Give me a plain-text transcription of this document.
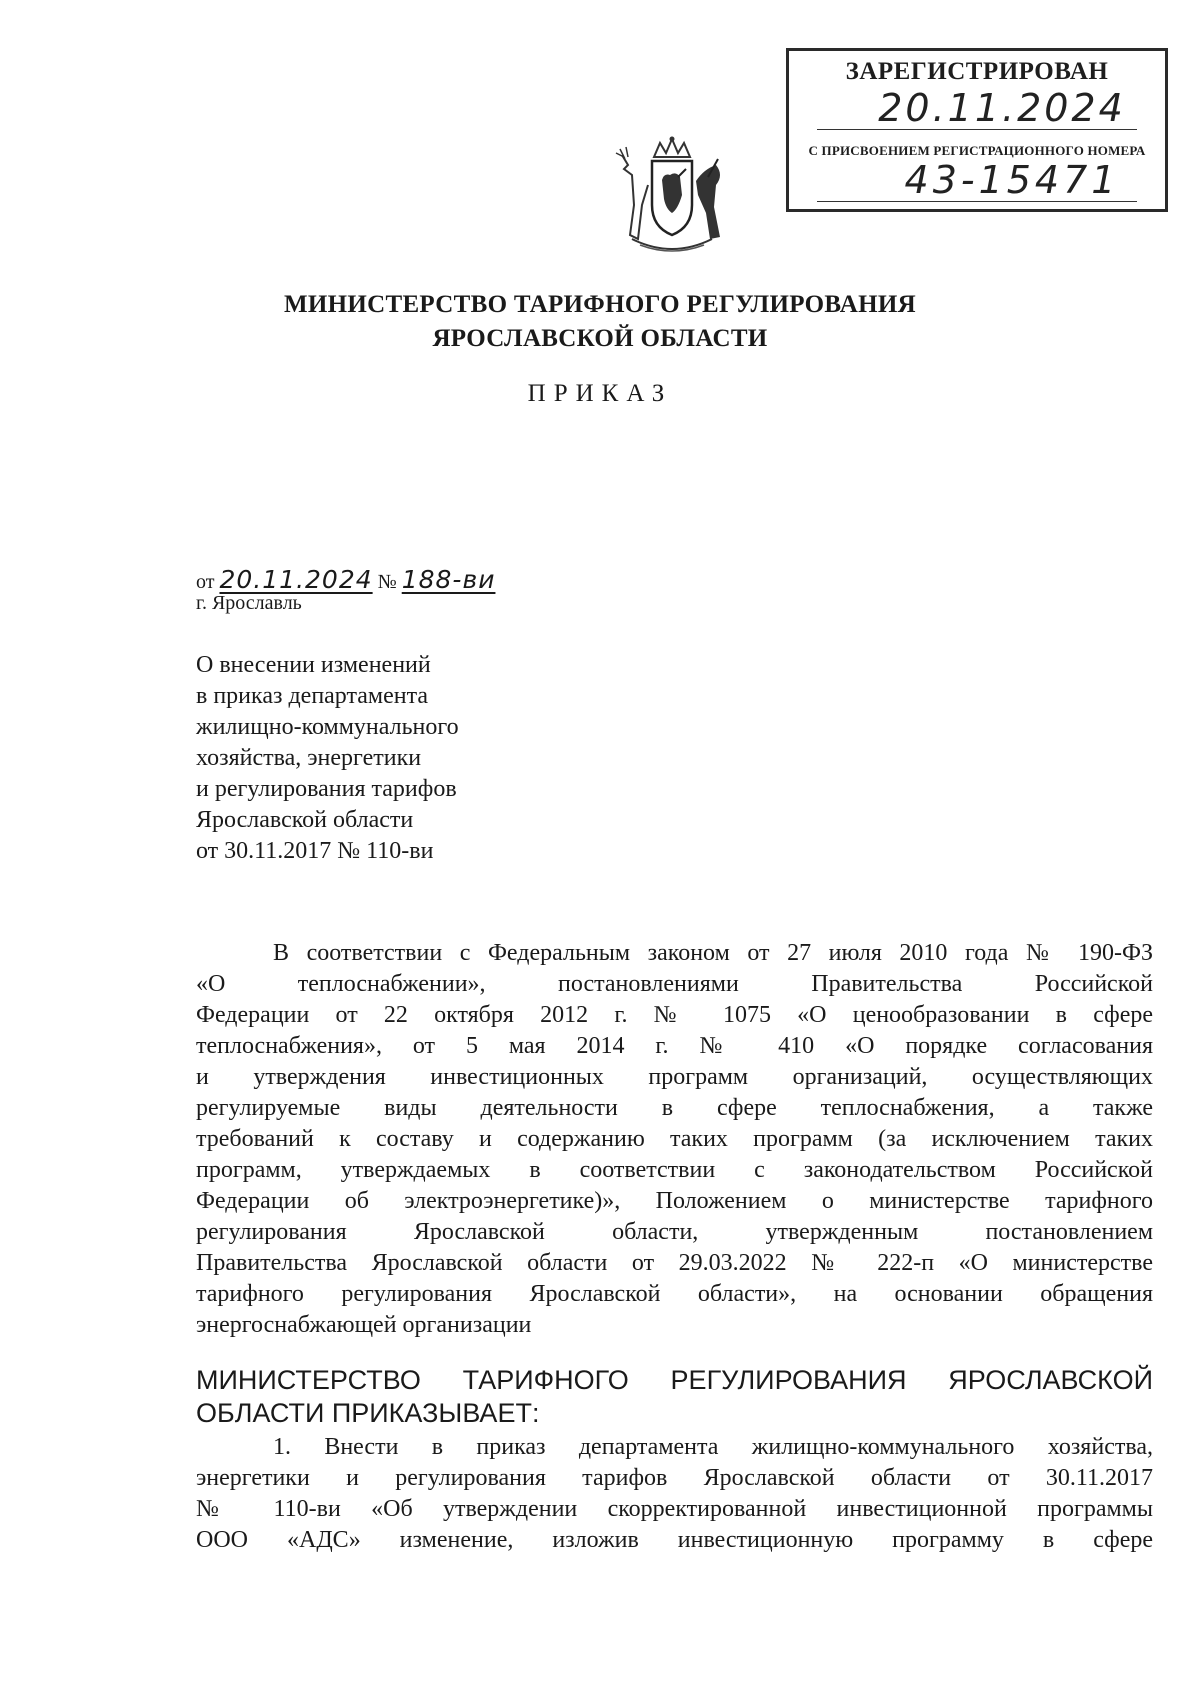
ЗАРЕГИСТРИРОВАН
20.11.2024
С ПРИСВОЕНИЕМ РЕГИСТРАЦИОННОГО НОМЕРА
43-15471
МИНИСТЕРСТВО ТАРИФНОГО РЕГУЛИРОВАНИЯ
ЯРОСЛАВСКОЙ ОБЛАСТИ
ПРИКАЗ
от 20.11.2024 № 188-ви
г. Ярославль
О внесении изменений
в приказ департамента
жилищно-коммунального
хозяйства, энергетики
и регулирования тарифов
Ярославской области
от 30.11.2017 № 110-ви
В соответствии с Федеральным законом от 27 июля 2010 года № 190-ФЗ
«О теплоснабжении», постановлениями Правительства Российской
Федерации от 22 октября 2012 г. № 1075 «О ценообразовании в сфере
теплоснабжения», от 5 мая 2014 г. № 410 «О порядке согласования
и утверждения инвестиционных программ организаций, осуществляющих
регулируемые виды деятельности в сфере теплоснабжения, а также
требований к составу и содержанию таких программ (за исключением таких
программ, утверждаемых в соответствии с законодательством Российской
Федерации об электроэнергетике)», Положением о министерстве тарифного
регулирования Ярославской области, утвержденным постановлением
Правительства Ярославской области от 29.03.2022 № 222-п «О министерстве
тарифного регулирования Ярославской области», на основании обращения
энергоснабжающей организации
МИНИСТЕРСТВО ТАРИФНОГО РЕГУЛИРОВАНИЯ ЯРОСЛАВСКОЙ
ОБЛАСТИ ПРИКАЗЫВАЕТ:
1. Внести в приказ департамента жилищно-коммунального хозяйства,
энергетики и регулирования тарифов Ярославской области от 30.11.2017
№ 110-ви «Об утверждении скорректированной инвестиционной программы
ООО «АДС» изменение, изложив инвестиционную программу в сфере
